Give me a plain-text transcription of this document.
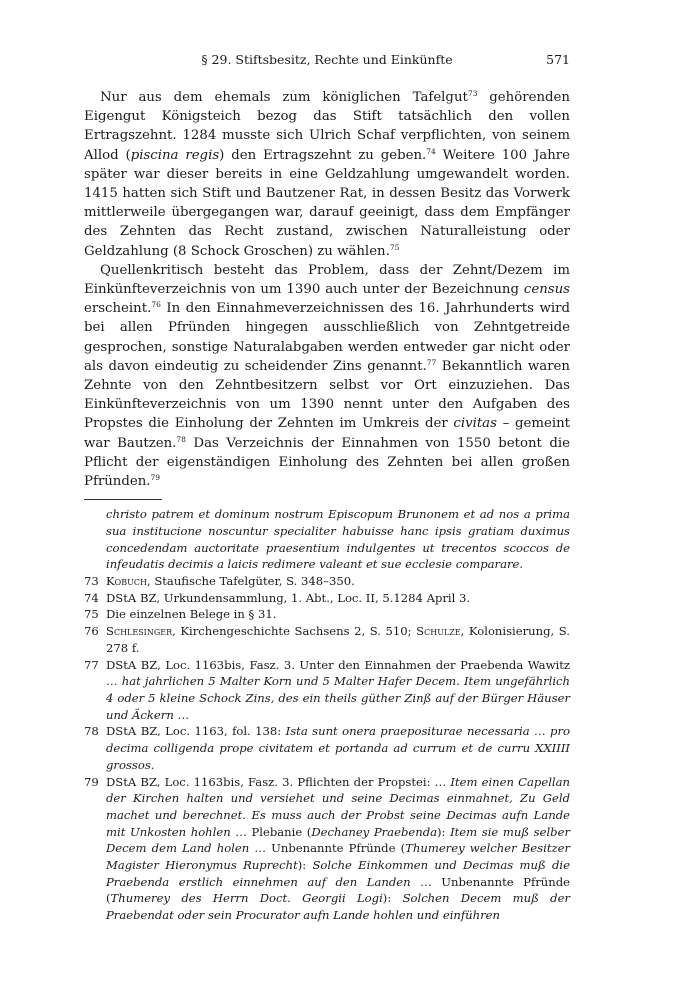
§ 29. Stiftsbesitz, Rechte und Einkünfte	571

Nur aus dem ehemals zum königlichen Tafelgut$^{73}$ gehörenden Eigengut Königsteich bezog das Stift tatsächlich den vollen Ertragszehnt. 1284 musste sich Ulrich Schaf verpflichten, von seinem Allod (piscina regis) den Ertragszehnt zu geben.$^{74}$ Weitere 100 Jahre später war dieser bereits in eine Geldzahlung umgewandelt worden. 1415 hatten sich Stift und Bautzener Rat, in dessen Besitz das Vorwerk mittlerweile übergegangen war, darauf geeinigt, dass dem Empfänger des Zehnten das Recht zustand, zwischen Naturalleistung oder Geldzahlung (8 Schock Groschen) zu wählen.$^{75}$

Quellenkritisch besteht das Problem, dass der Zehnt/Dezem im Einkünfteverzeichnis von um 1390 auch unter der Bezeichnung census erscheint.$^{76}$ In den Einnahmeverzeichnissen des 16. Jahrhunderts wird bei allen Pfründen hingegen ausschließlich von Zehntgetreide gesprochen, sonstige Naturalabgaben werden entweder gar nicht oder als davon eindeutig zu scheidender Zins genannt.$^{77}$ Bekanntlich waren Zehnte von den Zehntbesitzern selbst vor Ort einzuziehen. Das Einkünfteverzeichnis von um 1390 nennt unter den Aufgaben des Propstes die Einholung der Zehnten im Umkreis der civitas – gemeint war Bautzen.$^{78}$ Das Verzeichnis der Einnahmen von 1550 betont die Pflicht der eigenständigen Einholung des Zehnten bei allen großen Pfründen.$^{79}$

christo patrem et dominum nostrum Episcopum Brunonem et ad nos a prima sua institucione noscuntur specialiter habuisse hanc ipsis gratiam duximus concedendam auctoritate praesentium indulgentes ut trecentos scoccos de infeudatis decimis a laicis redimere valeant et sue ecclesie comparare.
73 Kobuch, Staufische Tafelgüter, S. 348–350.
74 DStA BZ, Urkundensammlung, 1. Abt., Loc. II, 5.1284 April 3.
75 Die einzelnen Belege in § 31.
76 Schlesinger, Kirchengeschichte Sachsens 2, S. 510; Schulze, Kolonisierung, S. 278 f.
77 DStA BZ, Loc. 1163bis, Fasz. 3. Unter den Einnahmen der Praebenda Wawitz … hat jahrlichen 5 Malter Korn und 5 Malter Hafer Decem. Item ungefährlich 4 oder 5 kleine Schock Zins, des ein theils güther Zinß auf der Bürger Häuser und Äckern …
78 DStA BZ, Loc. 1163, fol. 138: Ista sunt onera praepositurae necessaria … pro decima colligenda prope civitatem et portanda ad currum et de curru XXIIII grossos.
79 DStA BZ, Loc. 1163bis, Fasz. 3. Pflichten der Propstei: … Item einen Capellan der Kirchen halten und versiehet und seine Decimas einmahnet, Zu Geld machet und berechnet. Es muss auch der Probst seine Decimas aufn Lande mit Unkosten hohlen … Plebanie (Dechaney Praebenda): Item sie muß selber Decem dem Land holen … Unbenannte Pfründe (Thumerey welcher Besitzer Magister Hieronymus Ruprecht): Solche Einkommen und Decimas muß die Praebenda erstlich einnehmen auf den Landen … Unbenannte Pfründe (Thumerey des Herrn Doct. Georgii Logi): Solchen Decem muß der Praebendat oder sein Procurator aufn Lande hohlen und einführen
